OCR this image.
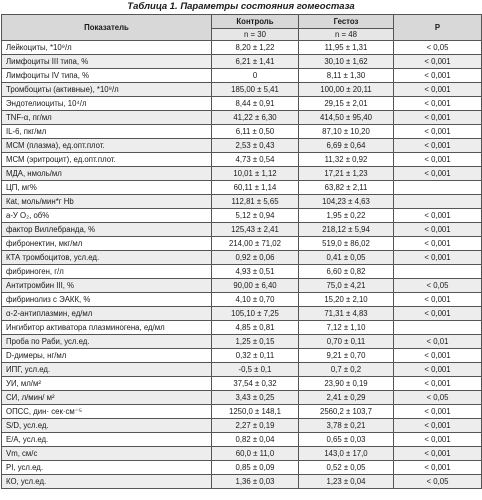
Таблица 1. Параметры состояния гомеостаза
Показатель	Контроль	Гестоз	P
	n = 30	n = 48	
Лейкоциты, *10⁹/л	8,20 ± 1,22	11,95 ± 1,31	< 0,05
Лимфоциты III типа, %	6,21 ± 1,41	30,10 ± 1,62	< 0,001
Лимфоциты IV типа, %	0	8,11 ± 1,30	< 0,001
Тромбоциты (активные), *10⁹/л	185,00 ± 5,41	100,00 ± 20,11	< 0,001
Эндотелиоциты, 10⁴/л	8,44 ± 0,91	29,15 ± 2,01	< 0,001
TNF-α, пг/мл	41,22 ± 6,30	414,50 ± 95,40	< 0,001
IL-6, пкг/мл	6,11 ± 0,50	87,10 ± 10,20	< 0,001
МСМ (плазма), ед.опт.плот.	2,53 ± 0,43	6,69 ± 0,64	< 0,001
МСМ (эритроцит), ед.опт.плот.	4,73 ± 0,54	11,32 ± 0,92	< 0,001
МДА, нмоль/мл	10,01 ± 1,12	17,21 ± 1,23	< 0,001
ЦП, мг%	60,11 ± 1,14	63,82 ± 2,11	
Кat, моль/мин*г Hb	112,81 ± 5,65	104,23 ± 4,63	
а-У О₂, об%	5,12 ± 0,94	1,95 ± 0,22	< 0,001
фактор Виллебранда, %	125,43 ± 2,41	218,12 ± 5,94	< 0,001
фибронектин, мкг/мл	214,00 ± 71,02	519,0 ± 86,02	< 0,001
КТА тромбоцитов, усл.ед.	0,92 ± 0,06	0,41 ± 0,05	< 0,001
фибриноген, г/л	4,93 ± 0,51	6,60 ± 0,82	
Антитромбин III, %	90,00 ± 6,40	75,0 ± 4,21	< 0,05
фибринолиз с ЭАКК, %	4,10 ± 0,70	15,20 ± 2,10	< 0,001
α-2-антиплазмин, ед/мл	105,10 ± 7,25	71,31 ± 4,83	< 0,001
Ингибитор активатора плазминогена, ед/мл	4,85 ± 0,81	7,12 ± 1,10	
Проба по Раби, усл.ед.	1,25 ± 0,15	0,70 ± 0,11	< 0,01
D-димеры, нг/мл	0,32 ± 0,11	9,21 ± 0,70	< 0,001
ИПГ, усл.ед.	-0,5 ± 0,1	0,7 ± 0,2	< 0,001
УИ, мл/м²	37,54 ± 0,32	23,90 ± 0,19	< 0,001
СИ, л/мин/ м²	3,43 ± 0,25	2,41 ± 0,29	< 0,05
ОПСС, дин· сек·см⁻⁵	1250,0 ± 148,1	2560,2 ± 103,7	< 0,001
S/D, усл.ед.	2,27 ± 0,19	3,78 ± 0,21	< 0,001
E/A, усл.ед.	0,82 ± 0,04	0,65 ± 0,03	< 0,001
Vm, см/с	60,0 ± 11,0	143,0 ± 17,0	< 0,001
PI, усл.ед.	0,85 ± 0,09	0,52 ± 0,05	< 0,001
КО, усл.ед.	1,36 ± 0,03	1,23 ± 0,04	< 0,05
